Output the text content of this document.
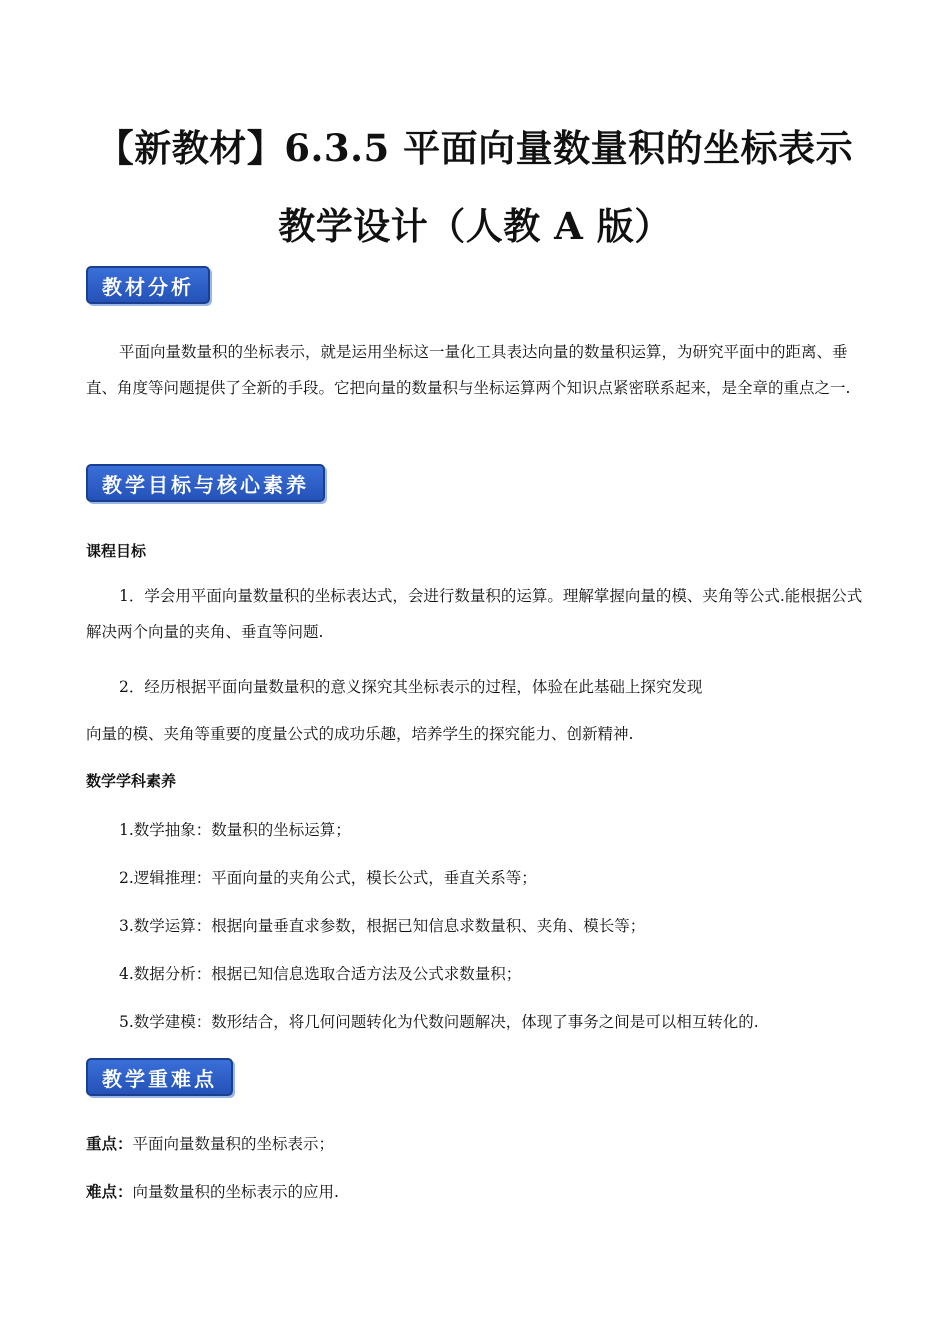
【新教材】6.3.5 平面向量数量积的坐标表示
教学设计（人教 A 版）
教材分析
平面向量数量积的坐标表示，就是运用坐标这一量化工具表达向量的数量积运算，为研究平面中的距离、垂直、角度等问题提供了全新的手段。它把向量的数量积与坐标运算两个知识点紧密联系起来，是全章的重点之一.
教学目标与核心素养
课程目标
1．学会用平面向量数量积的坐标表达式，会进行数量积的运算。理解掌握向量的模、夹角等公式.能根据公式解决两个向量的夹角、垂直等问题.
2．经历根据平面向量数量积的意义探究其坐标表示的过程，体验在此基础上探究发现
向量的模、夹角等重要的度量公式的成功乐趣，培养学生的探究能力、创新精神.
数学学科素养
1.数学抽象：数量积的坐标运算；
2.逻辑推理：平面向量的夹角公式，模长公式，垂直关系等；
3.数学运算：根据向量垂直求参数，根据已知信息求数量积、夹角、模长等；
4.数据分析：根据已知信息选取合适方法及公式求数量积；
5.数学建模：数形结合，将几何问题转化为代数问题解决，体现了事务之间是可以相互转化的.
教学重难点
重点：平面向量数量积的坐标表示；
难点：向量数量积的坐标表示的应用.
